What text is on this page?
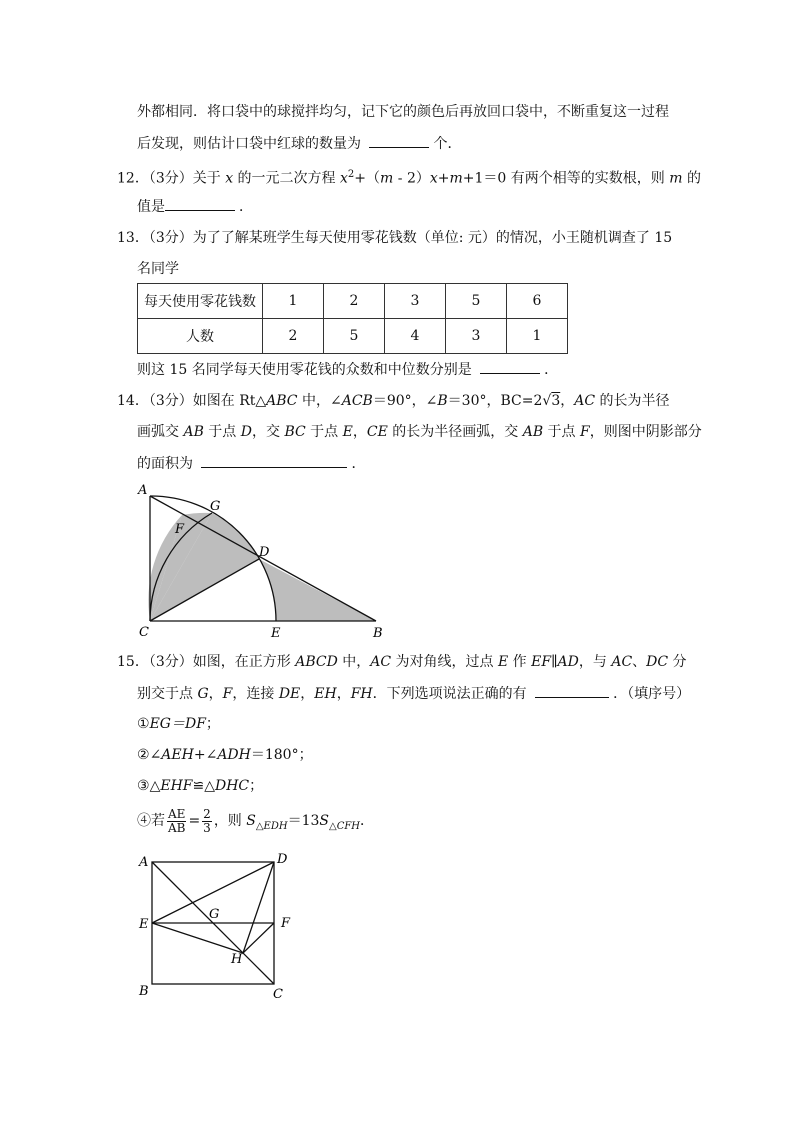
外都相同．将口袋中的球搅拌均匀，记下它的颜色后再放回口袋中，不断重复这一过程
后发现，则估计口袋中红球的数量为	个．
12．（3分）关于 x 的一元二次方程 $x^2+(m - 2)x+m+1=0$ 有两个相等的实数根，则 m 的
值是	．
13．（3分）为了了解某班学生每天使用零花钱数（单位: 元）的情况，小王随机调查了 15
名同学
每天使用零花钱数	1	2	3	5	6
人数	2	5	4	3	1
则这 15 名同学每天使用零花钱的众数和中位数分别是	．
14．（3分）如图在 Rt△ABC 中，∠ACB＝90°，∠B＝30°，BC=2√3，AC 的长为半径
画弧交 AB 于点 D，交 BC 于点 E，CE 的长为半径画弧，交 AB 于点 F，则图中阴影部分
的面积为	．
A
G
F
D
C	E	B
15．（3分）如图，在正方形 ABCD 中，AC 为对角线，过点 E 作 EF∥AD，与 AC、DC 分
别交于点 G，F，连接 DE，EH，FH．下列选项说法正确的有	．（填序号）
①EG＝DF；
②∠AEH+∠ADH＝180°；
③△EHF≌△DHC；
④若 $\frac{AE}{AB} = \frac{2}{3}$ ，则 $S_{\triangle EDH}=13S_{\triangle CFH}$．
A	D
E
G
F
H
B	C
